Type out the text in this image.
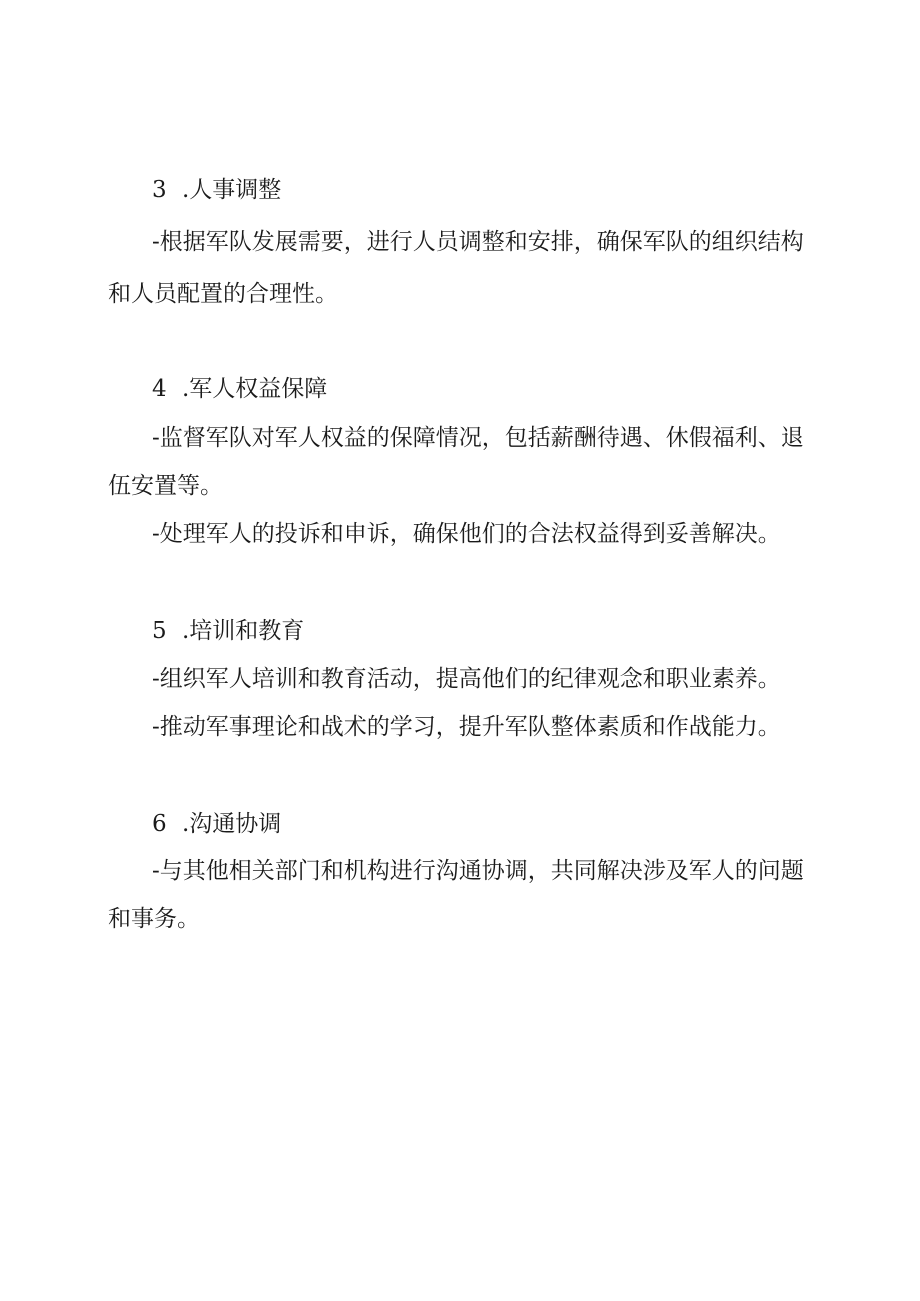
3 .人事调整
-根据军队发展需要，进行人员调整和安排，确保军队的组织结构
和人员配置的合理性。
4 .军人权益保障
-监督军队对军人权益的保障情况，包括薪酬待遇、休假福利、退
伍安置等。
-处理军人的投诉和申诉，确保他们的合法权益得到妥善解决。
5 .培训和教育
-组织军人培训和教育活动，提高他们的纪律观念和职业素养。
-推动军事理论和战术的学习，提升军队整体素质和作战能力。
6 .沟通协调
-与其他相关部门和机构进行沟通协调，共同解决涉及军人的问题
和事务。
